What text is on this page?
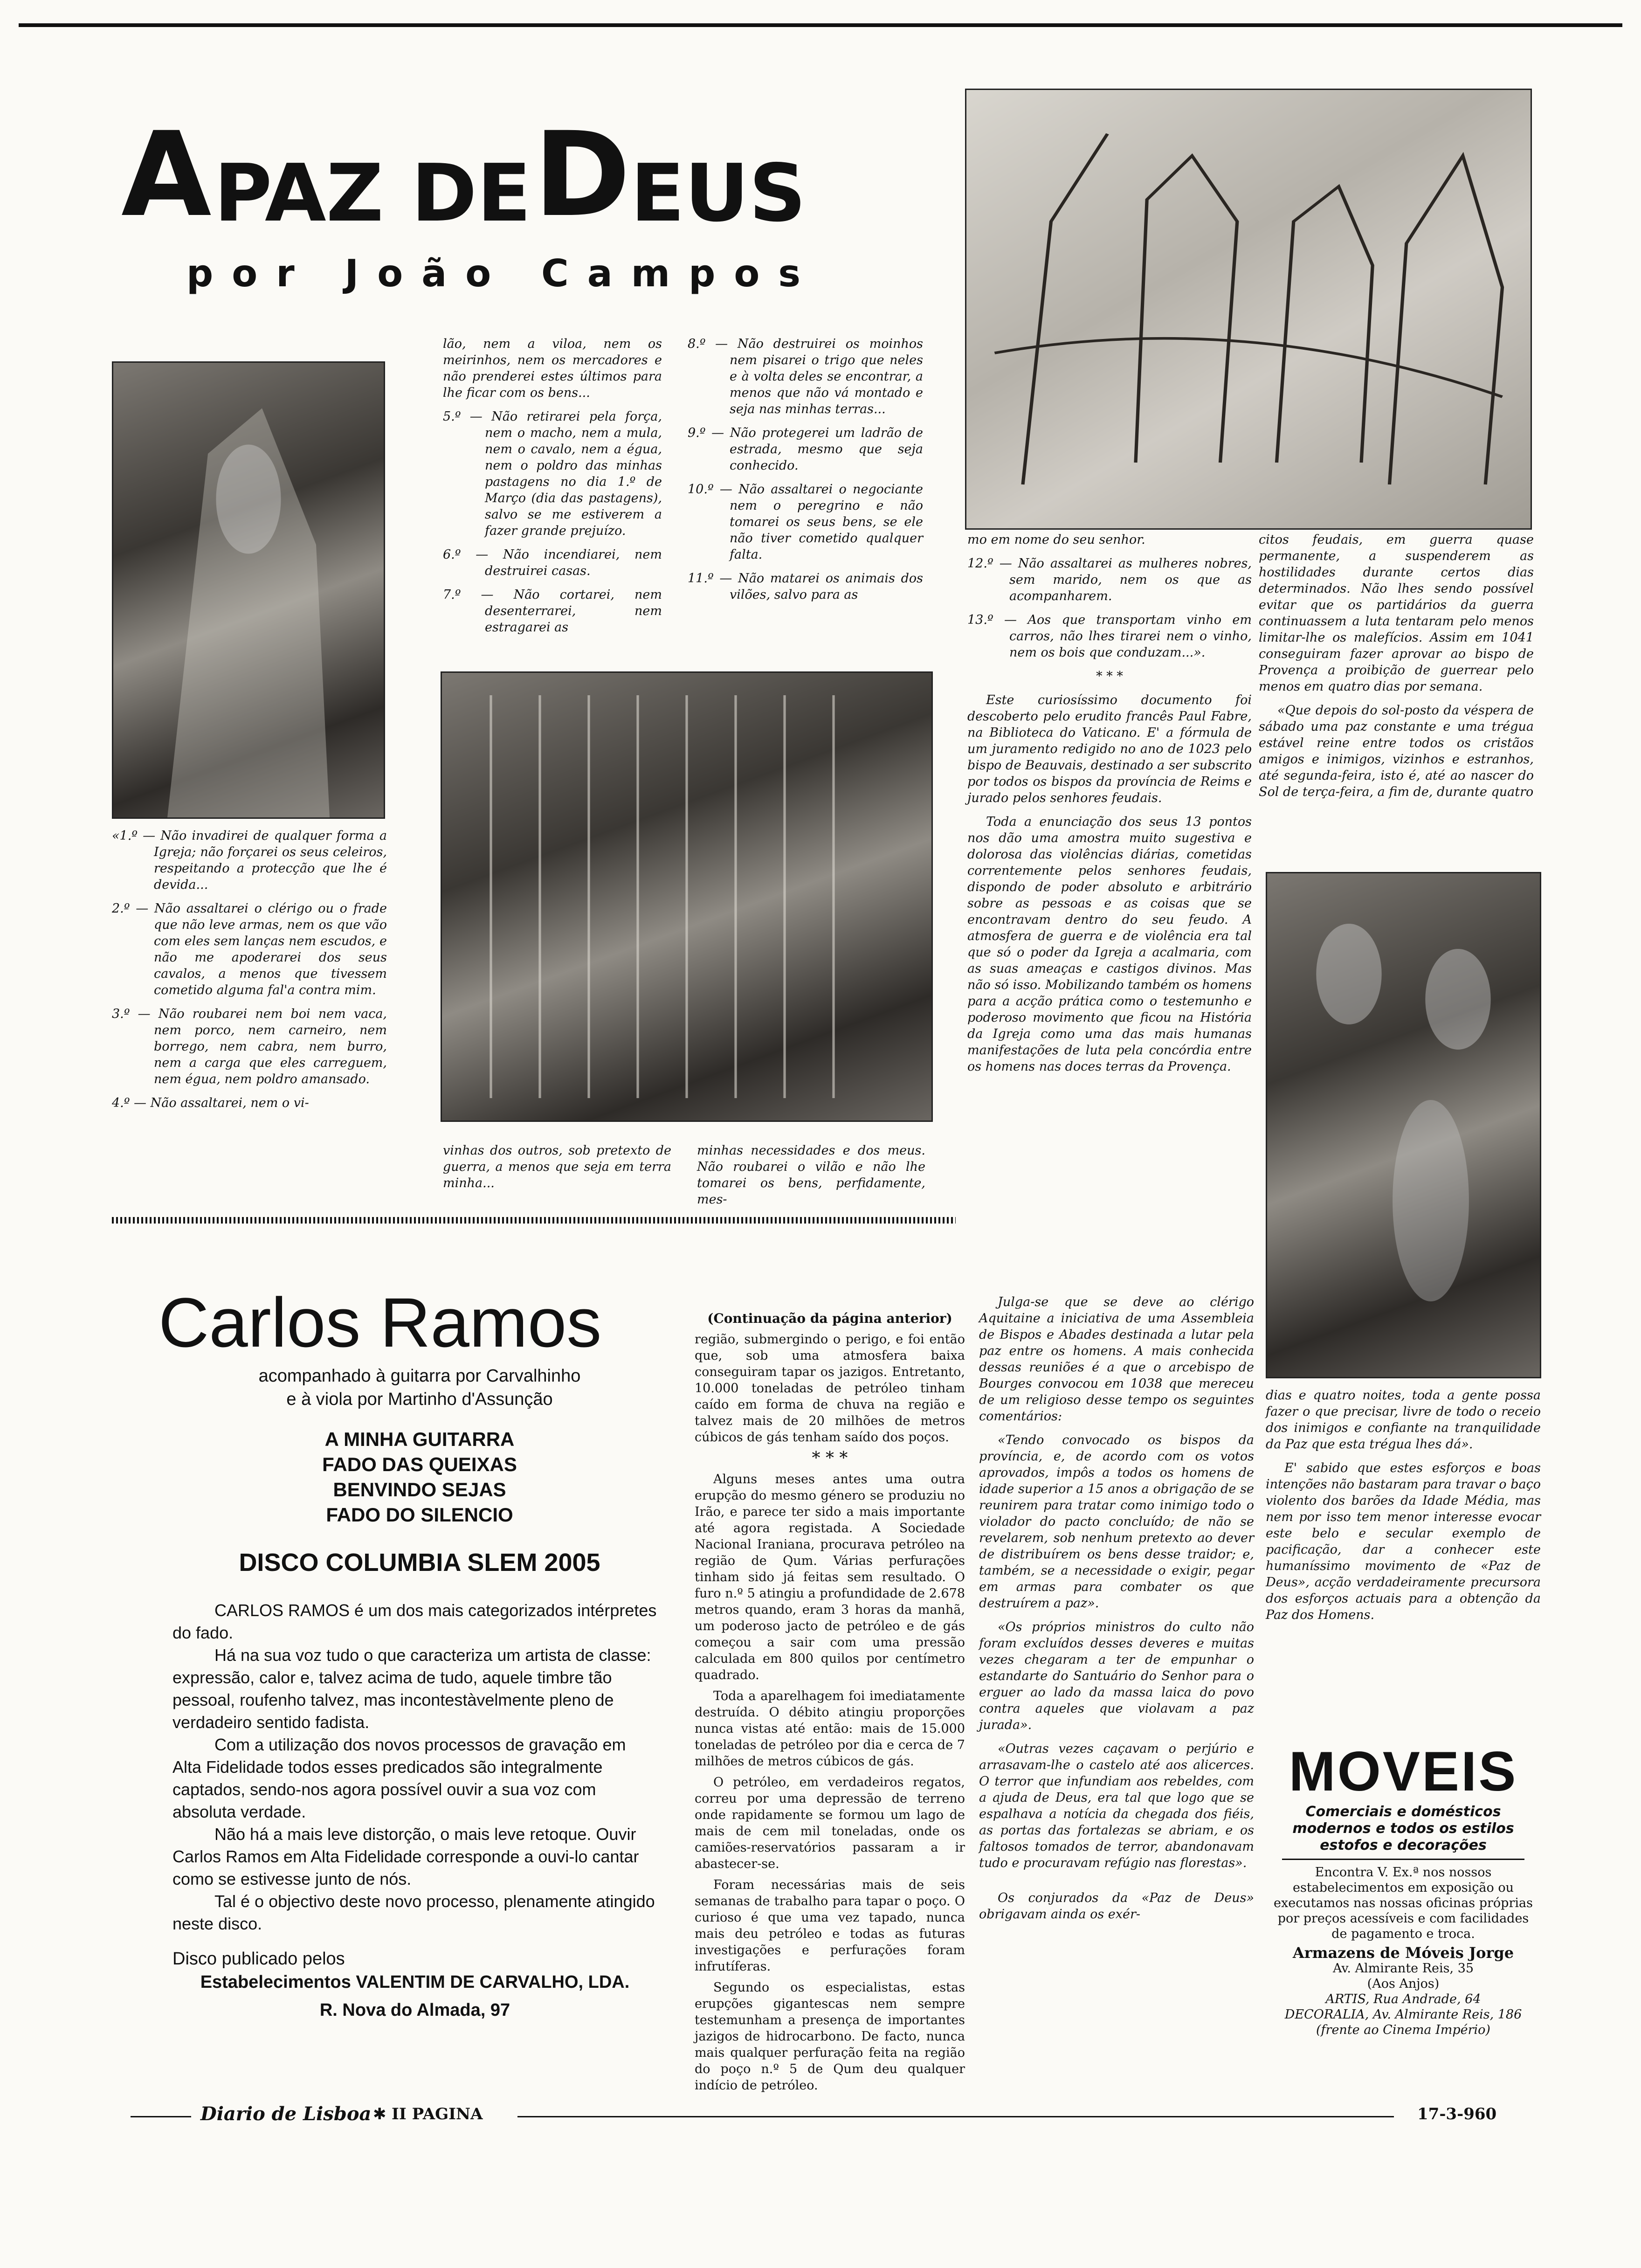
A PAZ DE DEUS
por João Campos

«1.º — Não invadirei de qualquer forma a Igreja; não forçarei os seus celeiros, respeitando a protecção que lhe é devida...

2.º — Não assaltarei o clérigo ou o frade que não leve armas, nem os que vão com eles sem lanças nem escudos, e não me apoderarei dos seus cavalos, a menos que tivessem cometido alguma fal'a contra mim.

3.º — Não roubarei nem boi nem vaca, nem porco, nem carneiro, nem borrego, nem cabra, nem burro, nem a carga que eles carreguem, nem égua, nem poldro amansado.

4.º — Não assaltarei, nem o vi-

lão, nem a viloa, nem os meirinhos, nem os mercadores e não prenderei estes últimos para lhe ficar com os bens...

5.º — Não retirarei pela força, nem o macho, nem a mula, nem o cavalo, nem a égua, nem o poldro das minhas pastagens no dia 1.º de Março (dia das pastagens), salvo se me estiverem a fazer grande prejuízo.

6.º — Não incendiarei, nem destruirei casas.

7.º — Não cortarei, nem desenterrarei, nem estragarei as

8.º — Não destruirei os moinhos nem pisarei o trigo que neles e à volta deles se encontrar, a menos que não vá montado e seja nas minhas terras...

9.º — Não protegerei um ladrão de estrada, mesmo que seja conhecido.

10.º — Não assaltarei o negociante nem o peregrino e não tomarei os seus bens, se ele não tiver cometido qualquer falta.

11.º — Não matarei os animais dos vilões, salvo para as

vinhas dos outros, sob pretexto de guerra, a menos que seja em terra minha...

minhas necessidades e dos meus. Não roubarei o vilão e não lhe tomarei os bens, perfidamente, mes-

mo em nome do seu senhor.

12.º — Não assaltarei as mulheres nobres, sem marido, nem os que as acompanharem.

13.º — Aos que transportam vinho em carros, não lhes tirarei nem o vinho, nem os bois que conduzam...».

* * *

Este curiosíssimo documento foi descoberto pelo erudito francês Paul Fabre, na Biblioteca do Vaticano. E' a fórmula de um juramento redigido no ano de 1023 pelo bispo de Beauvais, destinado a ser subscrito por todos os bispos da província de Reims e jurado pelos senhores feudais.

Toda a enunciação dos seus 13 pontos nos dão uma amostra muito sugestiva e dolorosa das violências diárias, cometidas correntemente pelos senhores feudais, dispondo de poder absoluto e arbitrário sobre as pessoas e as coisas que se encontravam dentro do seu feudo. A atmosfera de guerra e de violência era tal que só o poder da Igreja a acalmaria, com as suas ameaças e castigos divinos. Mas não só isso. Mobilizando também os homens para a acção prática como o testemunho e poderoso movimento que ficou na História da Igreja como uma das mais humanas manifestações de luta pela concórdia entre os homens nas doces terras da Provença.

citos feudais, em guerra quase permanente, a suspenderem as hostilidades durante certos dias determinados. Não lhes sendo possível evitar que os partidários da guerra continuassem a luta tentaram pelo menos limitar-lhe os malefícios. Assim em 1041 conseguiram fazer aprovar ao bispo de Provença a proibição de guerrear pelo menos em quatro dias por semana.

«Que depois do sol-posto da véspera de sábado uma paz constante e uma trégua estável reine entre todos os cristãos amigos e inimigos, vizinhos e estranhos, até segunda-feira, isto é, até ao nascer do Sol de terça-feira, a fim de, durante quatro

dias e quatro noites, toda a gente possa fazer o que precisar, livre de todo o receio dos inimigos e confiante na tranquilidade da Paz que esta trégua lhes dá».

E' sabido que estes esforços e boas intenções não bastaram para travar o baço violento dos barões da Idade Média, mas nem por isso tem menor interesse evocar este belo e secular exemplo de pacificação, dar a conhecer este humaníssimo movimento de «Paz de Deus», acção verdadeiramente precursora dos esforços actuais para a obtenção da Paz dos Homens.

Julga-se que se deve ao clérigo Aquitaine a iniciativa de uma Assembleia de Bispos e Abades destinada a lutar pela paz entre os homens. A mais conhecida dessas reuniões é a que o arcebispo de Bourges convocou em 1038 que mereceu de um religioso desse tempo os seguintes comentários:

«Tendo convocado os bispos da província, e, de acordo com os votos aprovados, impôs a todos os homens de idade superior a 15 anos a obrigação de se reunirem para tratar como inimigo todo o violador do pacto concluído; de não se revelarem, sob nenhum pretexto ao dever de distribuírem os bens desse traidor; e, também, se a necessidade o exigir, pegar em armas para combater os que destruírem a paz».

«Os próprios ministros do culto não foram excluídos desses deveres e muitas vezes chegaram a ter de empunhar o estandarte do Santuário do Senhor para o erguer ao lado da massa laica do povo contra aqueles que violavam a paz jurada».

«Outras vezes caçavam o perjúrio e arrasavam-lhe o castelo até aos alicerces. O terror que infundiam aos rebeldes, com a ajuda de Deus, era tal que logo que se espalhava a notícia da chegada dos fiéis, as portas das fortalezas se abriam, e os faltosos tomados de terror, abandonavam tudo e procuravam refúgio nas florestas».

Os conjurados da «Paz de Deus» obrigavam ainda os exér-

Carlos Ramos
acompanhado à guitarra por Carvalhinho
e à viola por Martinho d'Assunção
A MINHA GUITARRA
FADO DAS QUEIXAS
BENVINDO SEJAS
FADO DO SILENCIO
DISCO COLUMBIA SLEM 2005

CARLOS RAMOS é um dos mais categorizados intérpretes do fado.

Há na sua voz tudo o que caracteriza um artista de classe: expressão, calor e, talvez acima de tudo, aquele timbre tão pessoal, roufenho talvez, mas incontestàvelmente pleno de verdadeiro sentido fadista.

Com a utilização dos novos processos de gravação em Alta Fidelidade todos esses predicados são integralmente captados, sendo-nos agora possível ouvir a sua voz com absoluta verdade.

Não há a mais leve distorção, o mais leve retoque. Ouvir Carlos Ramos em Alta Fidelidade corresponde a ouvi-lo cantar como se estivesse junto de nós.

Tal é o objectivo deste novo processo, plenamente atingido neste disco.

Disco publicado pelos
Estabelecimentos VALENTIM DE CARVALHO, LDA.
R. Nova do Almada, 97

(Continuação da página anterior)

região, submergindo o perigo, e foi então que, sob uma atmosfera baixa conseguiram tapar os jazigos. Entretanto, 10.000 toneladas de petróleo tinham caído em forma de chuva na região e talvez mais de 20 milhões de metros cúbicos de gás tenham saído dos poços.

* * *

Alguns meses antes uma outra erupção do mesmo género se produziu no Irão, e parece ter sido a mais importante até agora registada. A Sociedade Nacional Iraniana, procurava petróleo na região de Qum. Várias perfurações tinham sido já feitas sem resultado. O furo n.º 5 atingiu a profundidade de 2.678 metros quando, eram 3 horas da manhã, um poderoso jacto de petróleo e de gás começou a sair com uma pressão calculada em 800 quilos por centímetro quadrado.

Toda a aparelhagem foi imediatamente destruída. O débito atingiu proporções nunca vistas até então: mais de 15.000 toneladas de petróleo por dia e cerca de 7 milhões de metros cúbicos de gás.

O petróleo, em verdadeiros regatos, correu por uma depressão de terreno onde rapidamente se formou um lago de mais de cem mil toneladas, onde os camiões-reservatórios passaram a ir abastecer-se.

Foram necessárias mais de seis semanas de trabalho para tapar o poço. O curioso é que uma vez tapado, nunca mais deu petróleo e todas as futuras investigações e perfurações foram infrutíferas.

Segundo os especialistas, estas erupções gigantescas nem sempre testemunham a presença de importantes jazigos de hidrocarbono. De facto, nunca mais qualquer perfuração feita na região do poço n.º 5 de Qum deu qualquer indício de petróleo.

MOVEIS
Comerciais e domésticos modernos e todos os estilos estofos e decorações
Encontra V. Ex.ª nos nossos estabelecimentos em exposição ou executamos nas nossas oficinas próprias por preços acessíveis e com facilidades de pagamento e troca.
Armazens de Móveis Jorge
Av. Almirante Reis, 35
(Aos Anjos)
ARTIS, Rua Andrade, 64
DECORALIA, Av. Almirante Reis, 186 (frente ao Cinema Império)
Diario de Lisboa ✱ II PAGINA	17-3-960
